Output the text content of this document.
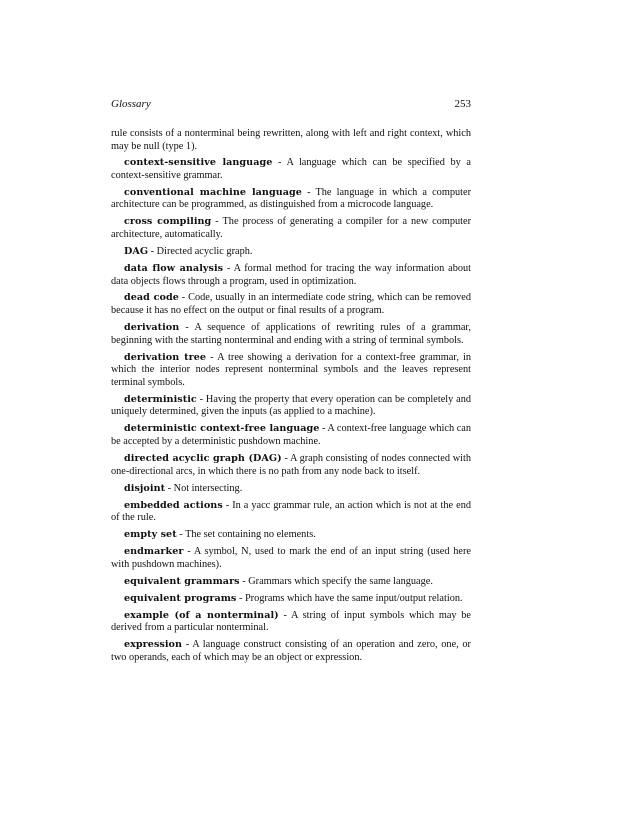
Glossary	253

rule consists of a nonterminal being rewritten, along with left and right context, which may be null (type 1).

context-sensitive language - A language which can be specified by a context-sensitive grammar.

conventional machine language - The language in which a computer architecture can be programmed, as distinguished from a microcode language.

cross compiling - The process of generating a compiler for a new computer architecture, automatically.

DAG - Directed acyclic graph.

data flow analysis - A formal method for tracing the way information about data objects flows through a program, used in optimization.

dead code - Code, usually in an intermediate code string, which can be removed because it has no effect on the output or final results of a program.

derivation - A sequence of applications of rewriting rules of a grammar, beginning with the starting nonterminal and ending with a string of terminal symbols.

derivation tree - A tree showing a derivation for a context-free grammar, in which the interior nodes represent nonterminal symbols and the leaves represent terminal symbols.

deterministic - Having the property that every operation can be completely and uniquely determined, given the inputs (as applied to a machine).

deterministic context-free language - A context-free language which can be accepted by a deterministic pushdown machine.

directed acyclic graph (DAG) - A graph consisting of nodes connected with one-directional arcs, in which there is no path from any node back to itself.

disjoint - Not intersecting.

embedded actions - In a yacc grammar rule, an action which is not at the end of the rule.

empty set - The set containing no elements.

endmarker - A symbol, N, used to mark the end of an input string (used here with pushdown machines).

equivalent grammars - Grammars which specify the same language.

equivalent programs - Programs which have the same input/output relation.

example (of a nonterminal) - A string of input symbols which may be derived from a particular nonterminal.

expression - A language construct consisting of an operation and zero, one, or two operands, each of which may be an object or expression.
